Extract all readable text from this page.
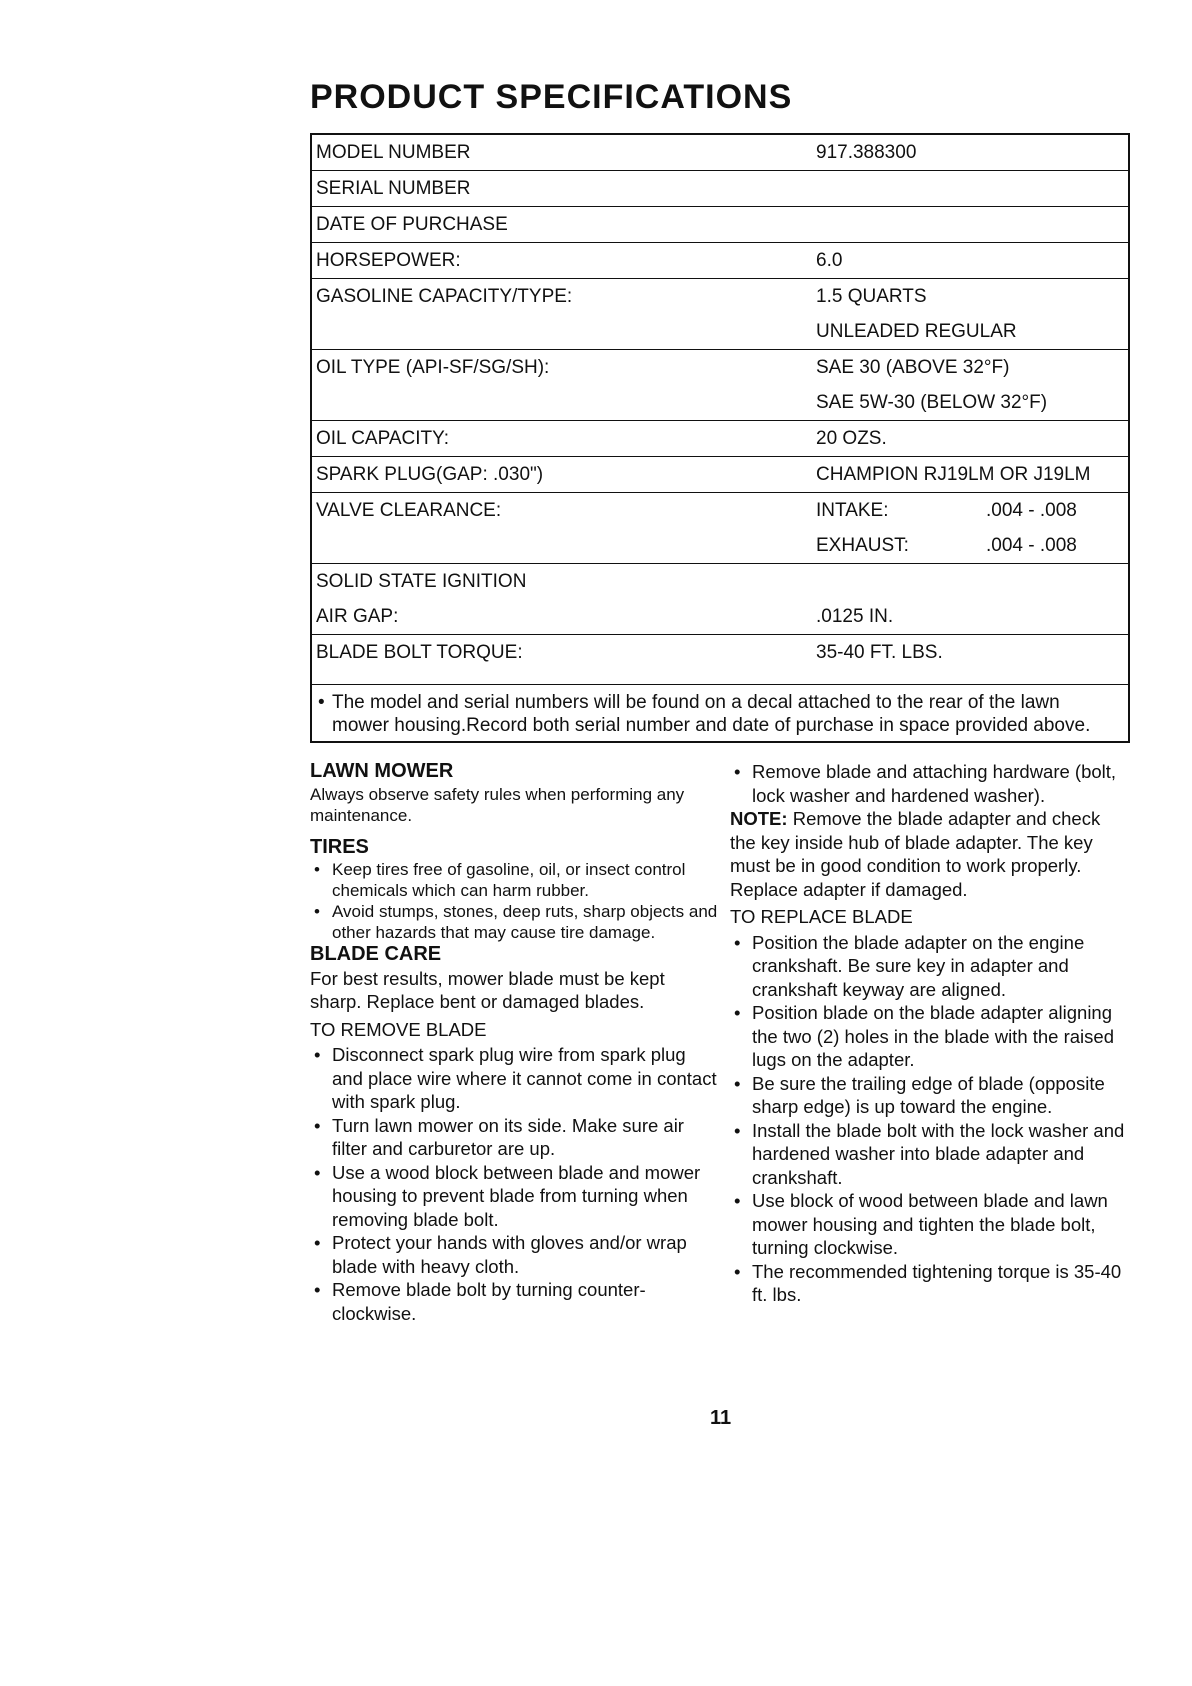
PRODUCT SPECIFICATIONS
MODEL NUMBER	917.388300
SERIAL NUMBER
DATE OF PURCHASE
HORSEPOWER:	6.0
GASOLINE CAPACITY/TYPE:	1.5 QUARTS
UNLEADED REGULAR
OIL TYPE (API-SF/SG/SH):	SAE 30 (ABOVE 32°F)
SAE 5W-30 (BELOW 32°F)
OIL CAPACITY:	20 OZS.
SPARK PLUG(GAP: .030")	CHAMPION RJ19LM OR J19LM
VALVE CLEARANCE:	INTAKE:	.004 - .008
EXHAUST:	.004 - .008
SOLID STATE IGNITION
AIR GAP:	.0125 IN.
BLADE BOLT TORQUE:	35-40 FT. LBS.
• The model and serial numbers will be found on a decal attached to the rear of the lawn mower housing.Record both serial number and date of purchase in space provided above.

LAWN MOWER

Always observe safety rules when performing any maintenance.

TIRES

• Keep tires free of gasoline, oil, or insect control chemicals which can harm rubber.
• Avoid stumps, stones, deep ruts, sharp objects and other hazards that may cause tire damage.

BLADE CARE

For best results, mower blade must be kept sharp. Replace bent or damaged blades.

TO REMOVE BLADE

• Disconnect spark plug wire from spark plug and place wire where it cannot come in contact with spark plug.
• Turn lawn mower on its side. Make sure air filter and carburetor are up.
• Use a wood block between blade and mower housing to prevent blade from turning when removing blade bolt.
• Protect your hands with gloves and/or wrap blade with heavy cloth.
• Remove blade bolt by turning counter-clockwise.
• Remove blade and attaching hardware (bolt, lock washer and hardened washer).

NOTE: Remove the blade adapter and check the key inside hub of blade adapter. The key must be in good condition to work properly. Replace adapter if damaged.

TO REPLACE BLADE

• Position the blade adapter on the engine crankshaft. Be sure key in adapter and crankshaft keyway are aligned.
• Position blade on the blade adapter aligning the two (2) holes in the blade with the raised lugs on the adapter.
• Be sure the trailing edge of blade (opposite sharp edge) is up toward the engine.
• Install the blade bolt with the lock washer and hardened washer into blade adapter and crankshaft.
• Use block of wood between blade and lawn mower housing and tighten the blade bolt, turning clockwise.
• The recommended tightening torque is 35-40 ft. lbs.
11
